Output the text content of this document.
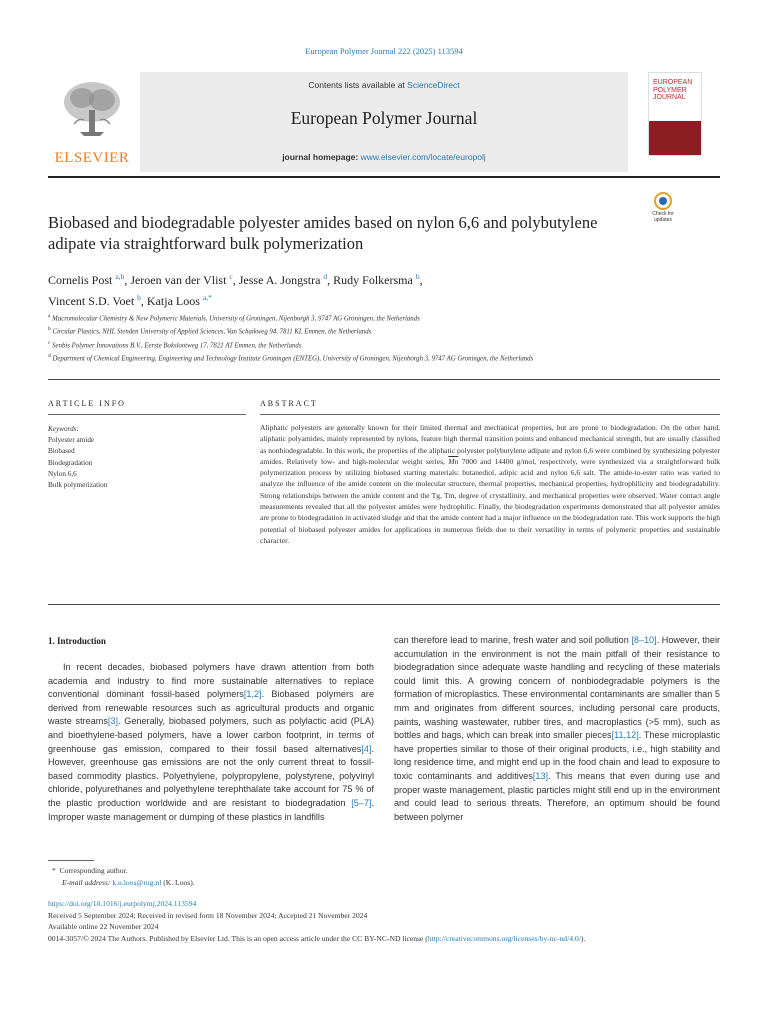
European Polymer Journal 222 (2025) 113594
ELSEVIER
Contents lists available at ScienceDirect
European Polymer Journal
journal homepage: www.elsevier.com/locate/europolj
EUROPEAN POLYMER JOURNAL
Check for updates
Biobased and biodegradable polyester amides based on nylon 6,6 and polybutylene adipate via straightforward bulk polymerization
Cornelis Post $^{a,b}$, Jeroen van der Vlist $^c$, Jesse A. Jongstra $^d$, Rudy Folkersma $^b$,
Vincent S.D. Voet $^b$, Katja Loos $^{a,*}$
$^a$ Macromolecular Chemistry & New Polymeric Materials, University of Groningen, Nijenborgh 3, 9747 AG Groningen, the Netherlands
$^b$ Circular Plastics, NHL Stenden University of Applied Sciences, Van Schaikweg 94, 7811 KL Emmen, the Netherlands
$^c$ Senbis Polymer Innovations B.V., Eerste Bokslootweg 17, 7821 AT Emmen, the Netherlands
$^d$ Department of Chemical Engineering, Engineering and Technology Institute Groningen (ENTEG), University of Groningen, Nijenborgh 3, 9747 AG Groningen, the Netherlands
ARTICLE INFO
Keywords:
Polyester amide
Biobased
Biodegradation
Nylon 6,6
Bulk polymerization
ABSTRACT
Aliphatic polyesters are generally known for their limited thermal and mechanical properties, but are prone to biodegradation. On the other hand, aliphatic polyamides, mainly represented by nylons, feature high thermal transition points and enhanced mechanical strength, but are usually classified as nonbiodegradable. In this work, the properties of the aliphatic polyester polybutylene adipate and nylon 6,6 were combined by synthesizing polyester amides. Relatively low- and high-molecular weight series, $\overline{Mn}$ 7000 and 14400 g/mol, respectively, were synthesized via a straightforward bulk polymerization process by utilizing biobased starting materials: butanediol, adipic acid and nylon 6,6 salt. The amide-to-ester ratio was varied to analyze the influence of the amide content on the molecular structure, thermal properties, mechanical properties, hydrophilicity and biodegradability. Strong relationships between the amide content and the Tg, Tm, degree of crystallinity, and mechanical properties were observed. Water contact angle measurements revealed that all the polyester amides were hydrophilic. Finally, the biodegradation experiments demonstrated that all polyester amides are prone to biodegradation in activated sludge and that the amide content had a major influence on the biodegradation rate. This work supports the high potential of biobased polyester amides for applications in numerous fields due to their versatility in terms of polymeric properties and sustainable character.
1. Introduction

In recent decades, biobased polymers have drawn attention from both academia and industry to find more sustainable alternatives to replace conventional dominant fossil-based polymers[1,2]. Biobased polymers are derived from renewable resources such as agricultural products and organic waste streams[3]. Generally, biobased polymers, such as polylactic acid (PLA) and bioethylene-based polymers, have a lower carbon footprint, in terms of greenhouse gas emission, compared to their fossil based alternatives[4]. However, greenhouse gas emissions are not the only current threat to fossil-based commodity plastics. Polyethylene, polypropylene, polystyrene, polyvinyl chloride, polyurethanes and polyethylene terephthalate take account for 75 % of the plastic production worldwide and are resistant to biodegradation [5–7]. Improper waste management or dumping of these plastics in landfills

can therefore lead to marine, fresh water and soil pollution [8–10]. However, their accumulation in the environment is not the main pitfall of their resistance to biodegradation since adequate waste handling and recycling of these materials could limit this. A growing concern of nonbiodegradable polymers is the formation of microplastics. These environmental contaminants are smaller than 5 mm and originates from different sources, including personal care products, paints, washing wastewater, rubber tires, and macroplastics (>5 mm), such as bottles and bags, which can break into smaller pieces[11,12]. These microplastic have properties similar to those of their original products, i.e., high stability and long residence time, and might end up in the food chain and lead to exposure to toxic contaminants and additives[13]. This means that even during use and proper waste management, plastic particles might still end up in the environment and could lead to serious threats. Therefore, an optimum should be found between polymer

* Corresponding author.
E-mail address: k.u.loos@rug.nl (K. Loos).
https://doi.org/10.1016/j.eurpolymj.2024.113594
Received 5 September 2024; Received in revised form 18 November 2024; Accepted 21 November 2024
Available online 22 November 2024
0014-3057/© 2024 The Authors. Published by Elsevier Ltd. This is an open access article under the CC BY-NC-ND license (http://creativecommons.org/licenses/by-nc-nd/4.0/).
